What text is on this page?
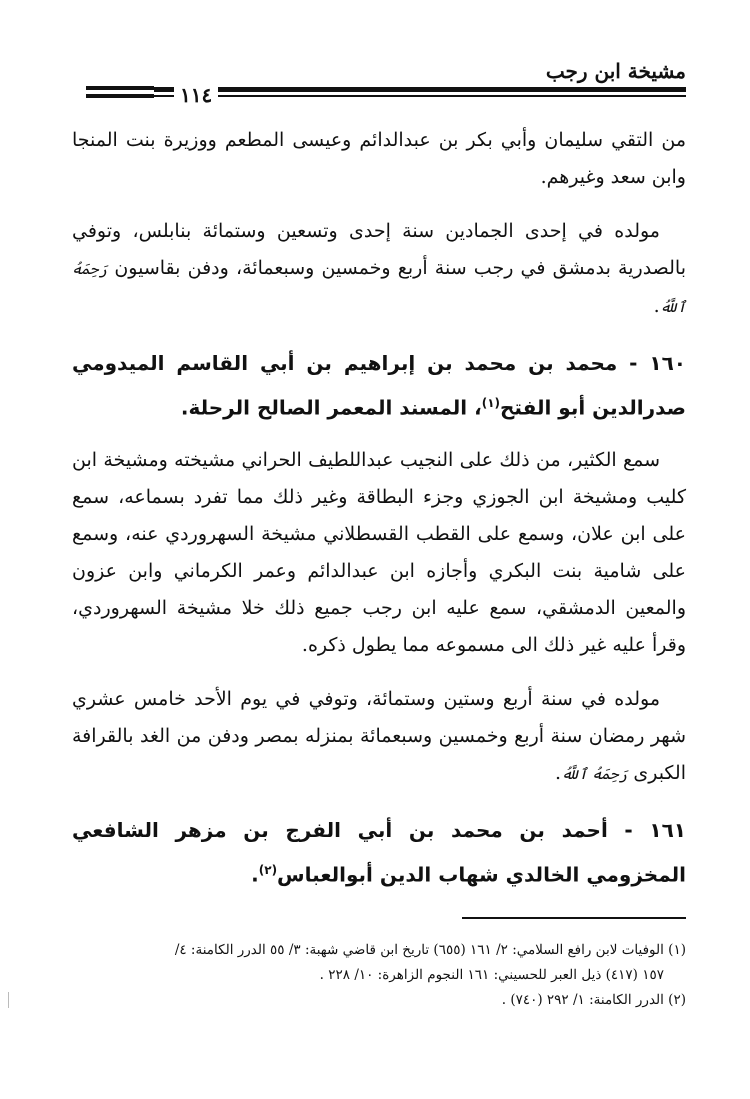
مشيخة ابن رجب
١١٤

من التقي سليمان وأبي بكر بن عبدالدائم وعيسى المطعم ووزيرة بنت المنجا وابن سعد وغيرهم.

مولده في إحدى الجمادين سنة إحدى وتسعين وستمائة بنابلس، وتوفي بالصدرية بدمشق في رجب سنة أربع وخمسين وسبعمائة، ودفن بقاسيون رَحِمَهُ ٱللَّهُ.

١٦٠ - محمد بن محمد بن إبراهيم بن أبي القاسم الميدومي صدرالدين أبو الفتح$^{(١)}$، المسند المعمر الصالح الرحلة.

سمع الكثير، من ذلك على النجيب عبداللطيف الحراني مشيخته ومشيخة ابن كليب ومشيخة ابن الجوزي وجزء البطاقة وغير ذلك مما تفرد بسماعه، سمع على ابن علان، وسمع على القطب القسطلاني مشيخة السهروردي عنه، وسمع على شامية بنت البكري وأجازه ابن عبدالدائم وعمر الكرماني وابن عزون والمعين الدمشقي، سمع عليه ابن رجب جميع ذلك خلا مشيخة السهروردي، وقرأ عليه غير ذلك الى مسموعه مما يطول ذكره.

مولده في سنة أربع وستين وستمائة، وتوفي في يوم الأحد خامس عشري شهر رمضان سنة أربع وخمسين وسبعمائة بمنزله بمصر ودفن من الغد بالقرافة الكبرى رَحِمَهُ ٱللَّهُ.

١٦١ - أحمد بن محمد بن أبي الفرج بن مزهر الشافعي المخزومي الخالدي شهاب الدين أبوالعباس$^{(٢)}$.

(١) الوفيات لابن رافع السلامي: ٢/ ١٦١ (٦٥٥) تاريخ ابن قاضي شهبة: ٣/ ٥٥ الدرر الكامنة: ٤/

١٥٧ (٤١٧) ذيل العبر للحسيني: ١٦١ النجوم الزاهرة: ١٠/ ٢٢٨ .

(٢) الدرر الكامنة: ١/ ٢٩٢ (٧٤٠) .
